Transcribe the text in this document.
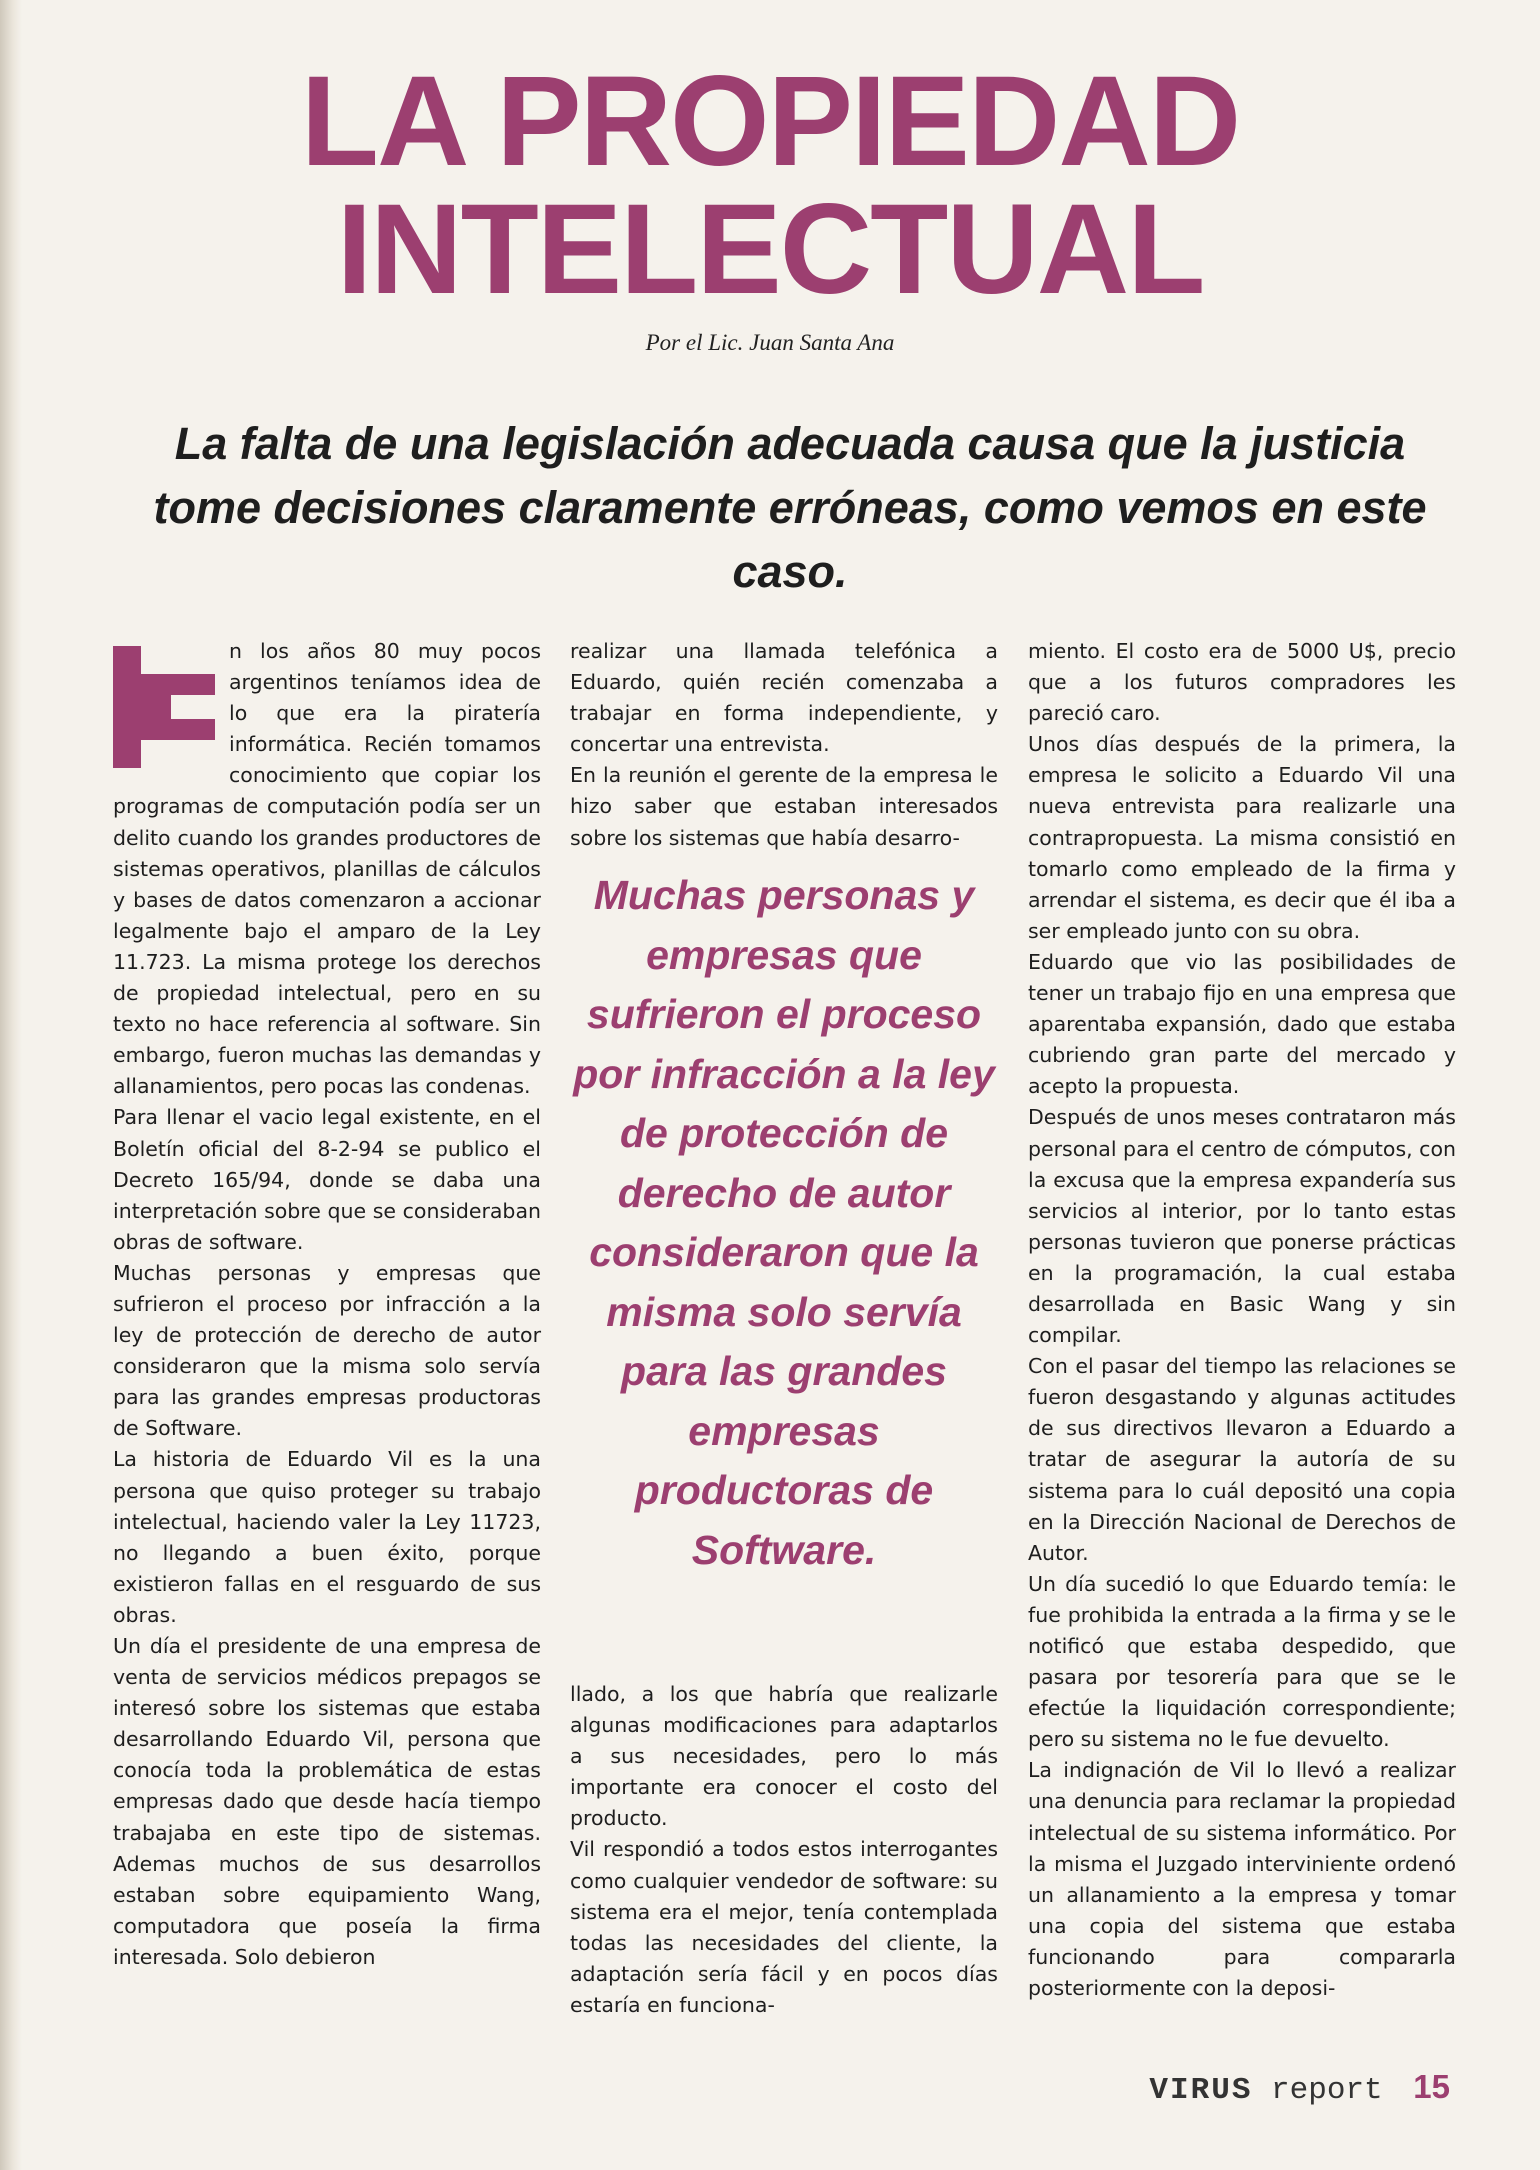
LA PROPIEDAD
INTELECTUAL

Por el Lic. Juan Santa Ana

La falta de una legislación adecuada causa que la justicia tome decisiones claramente erróneas, como vemos en este caso.

n los años 80 muy pocos argentinos teníamos idea de lo que era la piratería informática. Recién tomamos conocimiento que copiar los programas de computación podía ser un delito cuando los grandes productores de sistemas operativos, planillas de cálculos y bases de datos comenzaron a accionar legalmente bajo el amparo de la Ley 11.723. La misma protege los derechos de propiedad intelectual, pero en su texto no hace referencia al software. Sin embargo, fueron muchas las demandas y allanamientos, pero pocas las condenas.

Para llenar el vacio legal existente, en el Boletín oficial del 8-2-94 se publico el Decreto 165/94, donde se daba una interpretación sobre que se consideraban obras de software.

Muchas personas y empresas que sufrieron el proceso por infracción a la ley de protección de derecho de autor consideraron que la misma solo servía para las grandes empresas productoras de Software.

La historia de Eduardo Vil es la una persona que quiso proteger su trabajo intelectual, haciendo valer la Ley 11723, no llegando a buen éxito, porque existieron fallas en el resguardo de sus obras.

Un día el presidente de una empresa de venta de servicios médicos prepagos se interesó sobre los sistemas que estaba desarrollando Eduardo Vil, persona que conocía toda la problemática de estas empresas dado que desde hacía tiempo trabajaba en este tipo de sistemas. Ademas muchos de sus desarrollos estaban sobre equipamiento Wang, computadora que poseía la firma interesada. Solo debieron

realizar una llamada telefónica a Eduardo, quién recién comenzaba a trabajar en forma independiente, y concertar una entrevista.

En la reunión el gerente de la empresa le hizo saber que estaban interesados sobre los sistemas que había desarro-

Muchas personas y empresas que sufrieron el proceso por infracción a la ley de protección de derecho de autor consideraron que la misma solo servía para las grandes empresas productoras de Software.

llado, a los que habría que realizarle algunas modificaciones para adaptarlos a sus necesidades, pero lo más importante era conocer el costo del producto.

Vil respondió a todos estos interrogantes como cualquier vendedor de software: su sistema era el mejor, tenía contemplada todas las necesidades del cliente, la adaptación sería fácil y en pocos días estaría en funciona-

miento. El costo era de 5000 U$, precio que a los futuros compradores les pareció caro.

Unos días después de la primera, la empresa le solicito a Eduardo Vil una nueva entrevista para realizarle una contrapropuesta. La misma consistió en tomarlo como empleado de la firma y arrendar el sistema, es decir que él iba a ser empleado junto con su obra.

Eduardo que vio las posibilidades de tener un trabajo fijo en una empresa que aparentaba expansión, dado que estaba cubriendo gran parte del mercado y acepto la propuesta.

Después de unos meses contrataron más personal para el centro de cómputos, con la excusa que la empresa expandería sus servicios al interior, por lo tanto estas personas tuvieron que ponerse prácticas en la programación, la cual estaba desarrollada en Basic Wang y sin compilar.

Con el pasar del tiempo las relaciones se fueron desgastando y algunas actitudes de sus directivos llevaron a Eduardo a tratar de asegurar la autoría de su sistema para lo cuál depositó una copia en la Dirección Nacional de Derechos de Autor.

Un día sucedió lo que Eduardo temía: le fue prohibida la entrada a la firma y se le notificó que estaba despedido, que pasara por tesorería para que se le efectúe la liquidación correspondiente; pero su sistema no le fue devuelto.

La indignación de Vil lo llevó a realizar una denuncia para reclamar la propiedad intelectual de su sistema informático. Por la misma el Juzgado interviniente ordenó un allanamiento a la empresa y tomar una copia del sistema que estaba funcionando para compararla posteriormente con la deposi-

VIRUS report 15
